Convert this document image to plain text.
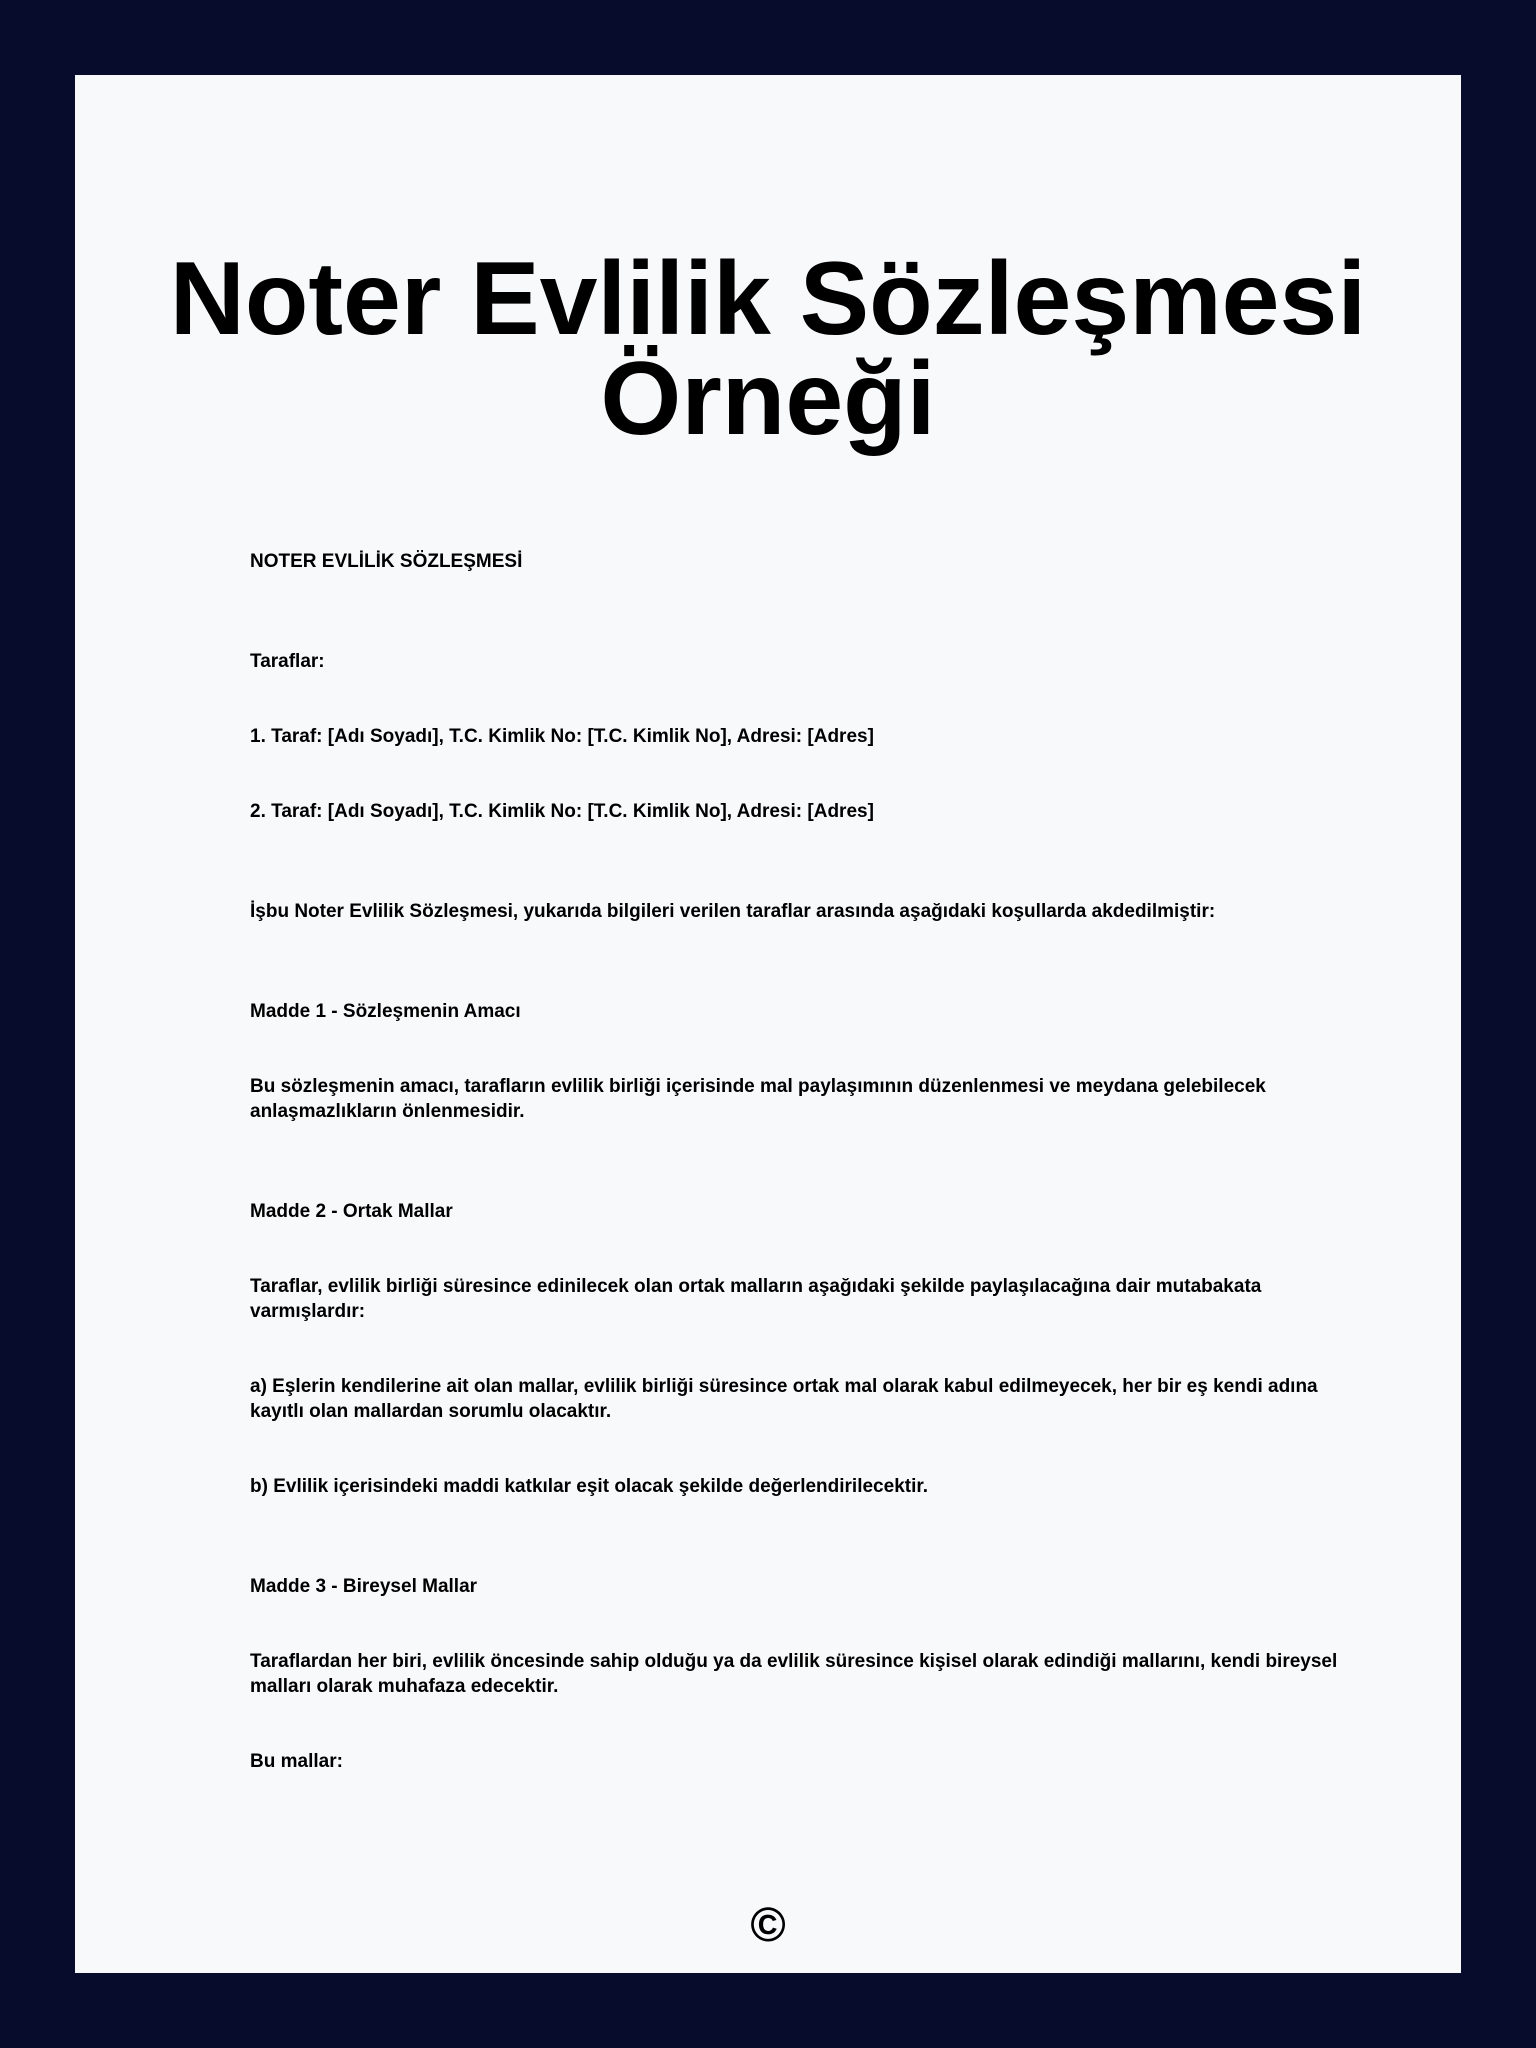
Noter Evlilik Sözleşmesi
Örneği

NOTER EVLİLİK SÖZLEŞMESİ

Taraflar:

1. Taraf: [Adı Soyadı], T.C. Kimlik No: [T.C. Kimlik No], Adresi: [Adres]

2. Taraf: [Adı Soyadı], T.C. Kimlik No: [T.C. Kimlik No], Adresi: [Adres]

İşbu Noter Evlilik Sözleşmesi, yukarıda bilgileri verilen taraflar arasında aşağıdaki koşullarda akdedilmiştir:

Madde 1 - Sözleşmenin Amacı

Bu sözleşmenin amacı, tarafların evlilik birliği içerisinde mal paylaşımının düzenlenmesi ve meydana gelebilecek anlaşmazlıkların önlenmesidir.

Madde 2 - Ortak Mallar

Taraflar, evlilik birliği süresince edinilecek olan ortak malların aşağıdaki şekilde paylaşılacağına dair mutabakata varmışlardır:

a) Eşlerin kendilerine ait olan mallar, evlilik birliği süresince ortak mal olarak kabul edilmeyecek, her bir eş kendi adına kayıtlı olan mallardan sorumlu olacaktır.

b) Evlilik içerisindeki maddi katkılar eşit olacak şekilde değerlendirilecektir.

Madde 3 - Bireysel Mallar

Taraflardan her biri, evlilik öncesinde sahip olduğu ya da evlilik süresince kişisel olarak edindiği mallarını, kendi bireysel malları olarak muhafaza edecektir.

Bu mallar:

©
